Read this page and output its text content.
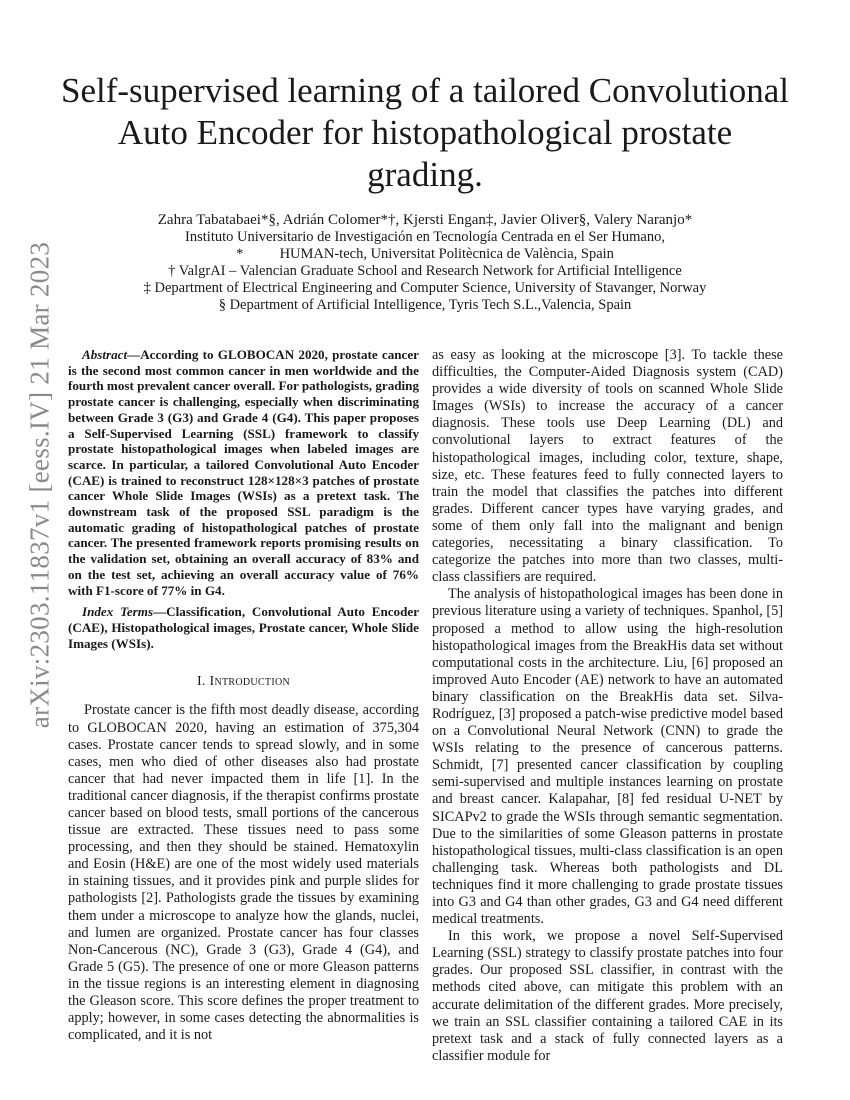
arXiv:2303.11837v1 [eess.IV] 21 Mar 2023
Self-supervised learning of a tailored Convolutional Auto Encoder for histopathological prostate grading.
Zahra Tabatabaei*§, Adrián Colomer*†, Kjersti Engan‡, Javier Oliver§, Valery Naranjo*
Instituto Universitario de Investigación en Tecnología Centrada en el Ser Humano,
*          HUMAN-tech, Universitat Politècnica de València, Spain
† ValgrAI – Valencian Graduate School and Research Network for Artificial Intelligence
‡ Department of Electrical Engineering and Computer Science, University of Stavanger, Norway
§ Department of Artificial Intelligence, Tyris Tech S.L.,Valencia, Spain

Abstract—According to GLOBOCAN 2020, prostate cancer is the second most common cancer in men worldwide and the fourth most prevalent cancer overall. For pathologists, grading prostate cancer is challenging, especially when discriminating between Grade 3 (G3) and Grade 4 (G4). This paper proposes a Self-Supervised Learning (SSL) framework to classify prostate histopathological images when labeled images are scarce. In particular, a tailored Convolutional Auto Encoder (CAE) is trained to reconstruct 128×128×3 patches of prostate cancer Whole Slide Images (WSIs) as a pretext task. The downstream task of the proposed SSL paradigm is the automatic grading of histopathological patches of prostate cancer. The presented framework reports promising results on the validation set, obtaining an overall accuracy of 83% and on the test set, achieving an overall accuracy value of 76% with F1-score of 77% in G4.

Index Terms—Classification, Convolutional Auto Encoder (CAE), Histopathological images, Prostate cancer, Whole Slide Images (WSIs).

I. Introduction

Prostate cancer is the fifth most deadly disease, according to GLOBOCAN 2020, having an estimation of 375,304 cases. Prostate cancer tends to spread slowly, and in some cases, men who died of other diseases also had prostate cancer that had never impacted them in life [1]. In the traditional cancer diagnosis, if the therapist confirms prostate cancer based on blood tests, small portions of the cancerous tissue are extracted. These tissues need to pass some processing, and then they should be stained. Hematoxylin and Eosin (H&E) are one of the most widely used materials in staining tissues, and it provides pink and purple slides for pathologists [2]. Pathologists grade the tissues by examining them under a microscope to analyze how the glands, nuclei, and lumen are organized. Prostate cancer has four classes Non-Cancerous (NC), Grade 3 (G3), Grade 4 (G4), and Grade 5 (G5). The presence of one or more Gleason patterns in the tissue regions is an interesting element in diagnosing the Gleason score. This score defines the proper treatment to apply; however, in some cases detecting the abnormalities is complicated, and it is not

as easy as looking at the microscope [3]. To tackle these difficulties, the Computer-Aided Diagnosis system (CAD) provides a wide diversity of tools on scanned Whole Slide Images (WSIs) to increase the accuracy of a cancer diagnosis. These tools use Deep Learning (DL) and convolutional layers to extract features of the histopathological images, including color, texture, shape, size, etc. These features feed to fully connected layers to train the model that classifies the patches into different grades. Different cancer types have varying grades, and some of them only fall into the malignant and benign categories, necessitating a binary classification. To categorize the patches into more than two classes, multi-class classifiers are required.

The analysis of histopathological images has been done in previous literature using a variety of techniques. Spanhol, [5] proposed a method to allow using the high-resolution histopathological images from the BreakHis data set without computational costs in the architecture. Liu, [6] proposed an improved Auto Encoder (AE) network to have an automated binary classification on the BreakHis data set. Silva-Rodríguez, [3] proposed a patch-wise predictive model based on a Convolutional Neural Network (CNN) to grade the WSIs relating to the presence of cancerous patterns. Schmidt, [7] presented cancer classification by coupling semi-supervised and multiple instances learning on prostate and breast cancer. Kalapahar, [8] fed residual U-NET by SICAPv2 to grade the WSIs through semantic segmentation. Due to the similarities of some Gleason patterns in prostate histopathological tissues, multi-class classification is an open challenging task. Whereas both pathologists and DL techniques find it more challenging to grade prostate tissues into G3 and G4 than other grades, G3 and G4 need different medical treatments.

In this work, we propose a novel Self-Supervised Learning (SSL) strategy to classify prostate patches into four grades. Our proposed SSL classifier, in contrast with the methods cited above, can mitigate this problem with an accurate delimitation of the different grades. More precisely, we train an SSL classifier containing a tailored CAE in its pretext task and a stack of fully connected layers as a classifier module for
